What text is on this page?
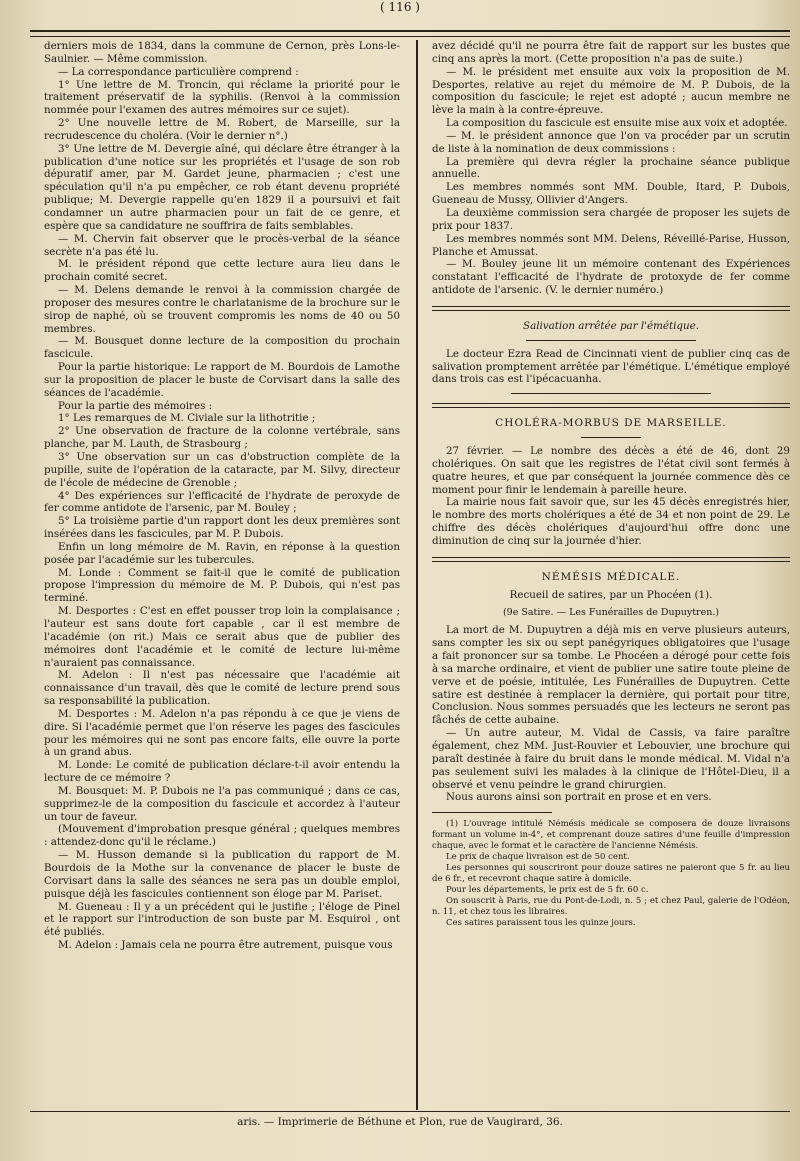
( 116 )

derniers mois de 1834, dans la commune de Cernon, près Lons-le-Saulnier. — Même commission.

— La correspondance particulière comprend :

1° Une lettre de M. Troncin, qui réclame la priorité pour le traitement préservatif de la syphilis. (Renvoi à la commission nommée pour l'examen des autres mémoires sur ce sujet).

2° Une nouvelle lettre de M. Robert, de Marseille, sur la recrudescence du choléra. (Voir le dernier n°.)

3° Une lettre de M. Devergie aîné, qui déclare être étranger à la publication d'une notice sur les propriétés et l'usage de son rob dépuratif amer, par M. Gardet jeune, pharmacien ; c'est une spéculation qu'il n'a pu empêcher, ce rob étant devenu propriété publique; M. Devergie rappelle qu'en 1829 il a poursuivi et fait condamner un autre pharmacien pour un fait de ce genre, et espère que sa candidature ne souffrira de faits semblables.

— M. Chervin fait observer que le procès-verbal de la séance secrète n'a pas été lu.

M. le président répond que cette lecture aura lieu dans le prochain comité secret.

— M. Delens demande le renvoi à la commission chargée de proposer des mesures contre le charlatanisme de la brochure sur le sirop de naphé, où se trouvent compromis les noms de 40 ou 50 membres.

— M. Bousquet donne lecture de la composition du prochain fascicule.

Pour la partie historique: Le rapport de M. Bourdois de Lamothe sur la proposition de placer le buste de Corvisart dans la salle des séances de l'académie.

Pour la partie des mémoires :

1° Les remarques de M. Civiale sur la lithotritie ;

2° Une observation de fracture de la colonne vertébrale, sans planche, par M. Lauth, de Strasbourg ;

3° Une observation sur un cas d'obstruction complète de la pupille, suite de l'opération de la cataracte, par M. Silvy, directeur de l'école de médecine de Grenoble ;

4° Des expériences sur l'efficacité de l'hydrate de peroxyde de fer comme antidote de l'arsenic, par M. Bouley ;

5° La troisième partie d'un rapport dont les deux premières sont insérées dans les fascicules, par M. P. Dubois.

Enfin un long mémoire de M. Ravin, en réponse à la question posée par l'académie sur les tubercules.

M. Londe : Comment se fait-il que le comité de publication propose l'impression du mémoire de M. P. Dubois, qui n'est pas terminé.

M. Desportes : C'est en effet pousser trop loin la complaisance ; l'auteur est sans doute fort capable , car il est membre de l'académie (on rit.) Mais ce serait abus que de publier des mémoires dont l'académie et le comité de lecture lui-même n'auraient pas connaissance.

M. Adelon : Il n'est pas nécessaire que l'académie ait connaissance d'un travail, dès que le comité de lecture prend sous sa responsabilité la publication.

M. Desportes : M. Adelon n'a pas répondu à ce que je viens de dire. Si l'académie permet que l'on réserve les pages des fascicules pour les mémoires qui ne sont pas encore faits, elle ouvre la porte à un grand abus.

M. Londe: Le comité de publication déclare-t-il avoir entendu la lecture de ce mémoire ?

M. Bousquet: M. P. Dubois ne l'a pas communiqué ; dans ce cas, supprimez-le de la composition du fascicule et accordez à l'auteur un tour de faveur.

(Mouvement d'improbation presque général ; quelques membres : attendez-donc qu'il le réclame.)

— M. Husson demande si la publication du rapport de M. Bourdois de la Mothe sur la convenance de placer le buste de Corvisart dans la salle des séances ne sera pas un double emploi, puisque déjà les fascicules contiennent son éloge par M. Pariset.

M. Gueneau : Il y a un précédent qui le justifie ; l'éloge de Pinel et le rapport sur l'introduction de son buste par M. Esquirol , ont été publiés.

M. Adelon : Jamais cela ne pourra être autrement, puisque vous

avez décidé qu'il ne pourra être fait de rapport sur les bustes que cinq ans après la mort. (Cette proposition n'a pas de suite.)

— M. le président met ensuite aux voix la proposition de M. Desportes, relative au rejet du mémoire de M. P. Dubois, de la composition du fascicule; le rejet est adopté ; aucun membre ne lève la main à la contre-épreuve.

La composition du fascicule est ensuite mise aux voix et adoptée.

— M. le président annonce que l'on va procéder par un scrutin de liste à la nomination de deux commissions :

La première qui devra régler la prochaine séance publique annuelle.

Les membres nommés sont MM. Double, Itard, P. Dubois, Gueneau de Mussy, Ollivier d'Angers.

La deuxième commission sera chargée de proposer les sujets de prix pour 1837.

Les membres nommés sont MM. Delens, Réveillé-Parise, Husson, Planche et Amussat.

— M. Bouley jeune lit un mémoire contenant des Expériences constatant l'efficacité de l'hydrate de protoxyde de fer comme antidote de l'arsenic. (V. le dernier numéro.)

Salivation arrêtée par l'émétique.

Le docteur Ezra Read de Cincinnati vient de publier cinq cas de salivation promptement arrêtée par l'émétique. L'émétique employé dans trois cas est l'ipécacuanha.

CHOLÉRA-MORBUS DE MARSEILLE.

27 février. — Le nombre des décès a été de 46, dont 29 cholériques. On sait que les registres de l'état civil sont fermés à quatre heures, et que par conséquent la journée commence dès ce moment pour finir le lendemain à pareille heure.

La mairie nous fait savoir que, sur les 45 décès enregistrés hier, le nombre des morts cholériques a été de 34 et non point de 29. Le chiffre des décès cholériques d'aujourd'hui offre donc une diminution de cinq sur la journée d'hier.

NÉMÉSIS MÉDICALE.

Recueil de satires, par un Phocéen (1).

(9e Satire. — Les Funérailles de Dupuytren.)

La mort de M. Dupuytren a déjà mis en verve plusieurs auteurs, sans compter les six ou sept panégyriques obligatoires que l'usage a fait prononcer sur sa tombe. Le Phocéen a dérogé pour cette fois à sa marche ordinaire, et vient de publier une satire toute pleine de verve et de poésie, intitulée, Les Funérailles de Dupuytren. Cette satire est destinée à remplacer la dernière, qui portait pour titre, Conclusion. Nous sommes persuadés que les lecteurs ne seront pas fâchés de cette aubaine.

— Un autre auteur, M. Vidal de Cassis, va faire paraître également, chez MM. Just-Rouvier et Lebouvier, une brochure qui paraît destinée à faire du bruit dans le monde médical. M. Vidal n'a pas seulement suivi les malades à la clinique de l'Hôtel-Dieu, il a observé et venu peindre le grand chirurgien.

Nous aurons ainsi son portrait en prose et en vers.

(1) L'ouvrage intitulé Némésis médicale se composera de douze livraisons formant un volume in-4°, et comprenant douze satires d'une feuille d'impression chaque, avec le format et le caractère de l'ancienne Némésis.

Le prix de chaque livraison est de 50 cent.

Les personnes qui souscriront pour douze satires ne paieront que 5 fr. au lieu de 6 fr., et recevront chaque satire à domicile.

Pour les départements, le prix est de 5 fr. 60 c.

On souscrit à Paris, rue du Pont-de-Lodi, n. 5 ; et chez Paul, galerie de l'Odéon, n. 11, et chez tous les libraires.

Ces satires paraissent tous les quinze jours.

aris. — Imprimerie de Béthune et Plon, rue de Vaugirard, 36.
